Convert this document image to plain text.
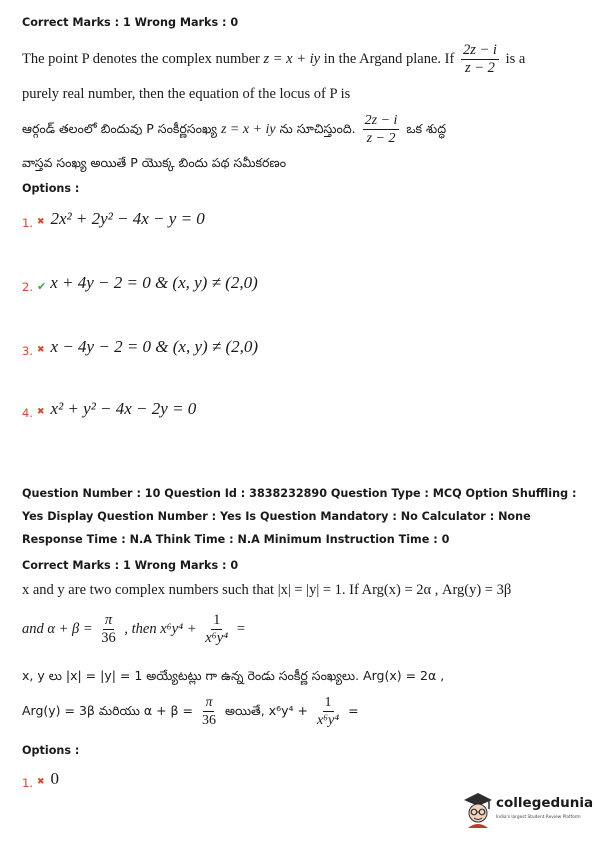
Correct Marks : 1 Wrong Marks : 0
The point P denotes the complex number z = x + iy in the Argand plane. If $\frac{2z - i}{z - 2}$ is a
purely real number, then the equation of the locus of P is
ఆర్గండ్ తలంలో బిందువు P సంకీర్ణసంఖ్య z = x + iy ను సూచిస్తుంది. $\frac{2z - i}{z - 2}$ ఒక శుద్ధ
వాస్తవ సంఖ్య అయితే P యొక్క బిందు పథ సమీకరణం
Options :
1. ✖ 2x² + 2y² − 4x − y = 0
2. ✔ x + 4y − 2 = 0 & (x, y) ≠ (2,0)
3. ✖ x − 4y − 2 = 0 & (x, y) ≠ (2,0)
4. ✖ x² + y² − 4x − 2y = 0
Question Number : 10 Question Id : 3838232890 Question Type : MCQ Option Shuffling : Yes Display Question Number : Yes Is Question Mandatory : No Calculator : None Response Time : N.A Think Time : N.A Minimum Instruction Time : 0
Correct Marks : 1 Wrong Marks : 0
x and y are two complex numbers such that |x| = |y| = 1. If Arg(x) = 2α , Arg(y) = 3β
and $\alpha + \beta = \frac{\pi}{36}$ , then $x^6y^4 + \frac{1}{\text{x⁶y⁴}}$ =
x, y లు |x| = |y| = 1 అయ్యేటట్లు గా ఉన్న రెండు సంకీర్ణ సంఖ్యలు. Arg(x) = 2α ,
Arg(y) = 3β మరియు $\alpha + \beta = \frac{\pi}{36}$ అయితే, $x^6y^4 + \frac{1}{\text{x⁶y⁴}}$ =
Options :
1. ✖ 0
collegedunia
India's largest Student Review Platform
